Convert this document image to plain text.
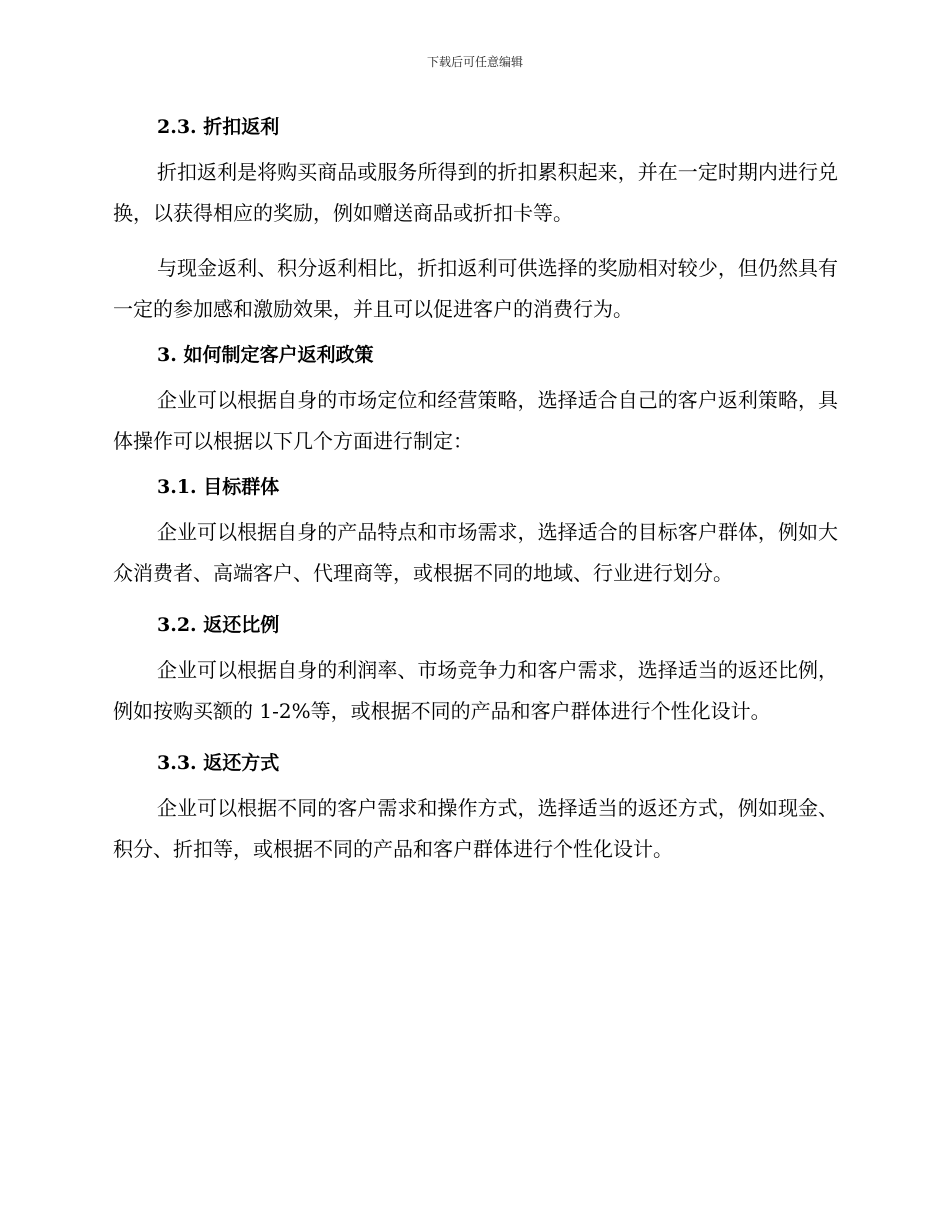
下载后可任意编辑
2.3. 折扣返利

折扣返利是将购买商品或服务所得到的折扣累积起来，并在一定时期内进行兑换，以获得相应的奖励，例如赠送商品或折扣卡等。

与现金返利、积分返利相比，折扣返利可供选择的奖励相对较少，但仍然具有一定的参加感和激励效果，并且可以促进客户的消费行为。

3. 如何制定客户返利政策

企业可以根据自身的市场定位和经营策略，选择适合自己的客户返利策略，具体操作可以根据以下几个方面进行制定：

3.1. 目标群体

企业可以根据自身的产品特点和市场需求，选择适合的目标客户群体，例如大众消费者、高端客户、代理商等，或根据不同的地域、行业进行划分。

3.2. 返还比例

企业可以根据自身的利润率、市场竞争力和客户需求，选择适当的返还比例，例如按购买额的 1-2%等，或根据不同的产品和客户群体进行个性化设计。

3.3. 返还方式

企业可以根据不同的客户需求和操作方式，选择适当的返还方式，例如现金、积分、折扣等，或根据不同的产品和客户群体进行个性化设计。
